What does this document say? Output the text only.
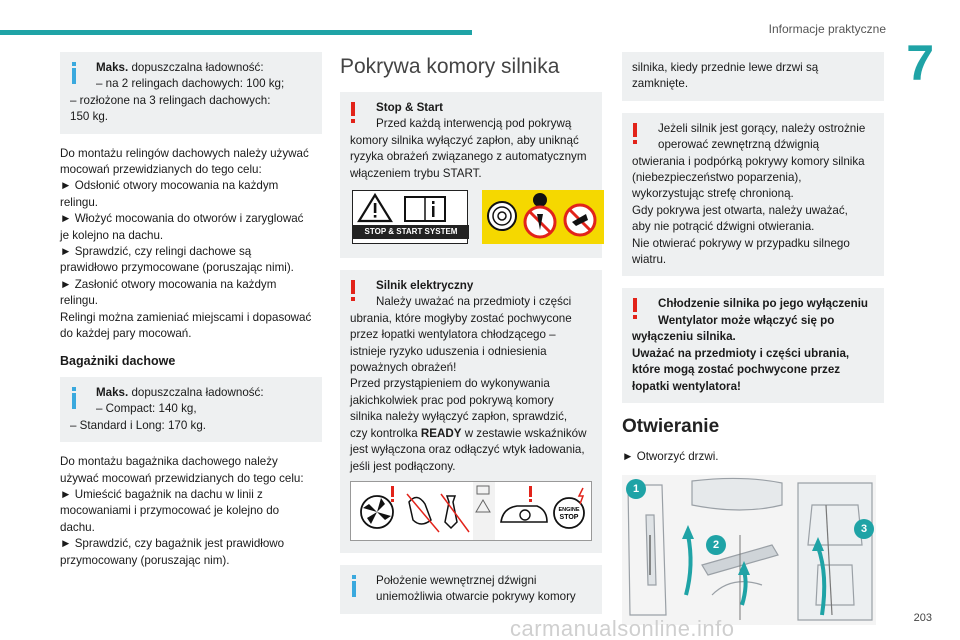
Informacje praktyczne
7
203

Maks. dopuszczalna ładowność:

– na 2 relingach dachowych: 100 kg;

– rozłożone na 3 relingach dachowych:

150 kg.

Do montażu relingów dachowych należy używać

mocowań przewidzianych do tego celu:

► Odsłonić otwory mocowania na każdym

relingu.

► Włożyć mocowania do otworów i zaryglować

je kolejno na dachu.

► Sprawdzić, czy relingi dachowe są

prawidłowo przymocowane (poruszając nimi).

► Zasłonić otwory mocowania na każdym

relingu.

Relingi można zamieniać miejscami i dopasować

do każdej pary mocowań.

Bagażniki dachowe

Maks. dopuszczalna ładowność:

– Compact: 140 kg,

– Standard i Long: 170 kg.

Do montażu bagażnika dachowego należy

używać mocowań przewidzianych do tego celu:

► Umieścić bagażnik na dachu w linii z

mocowaniami i przymocować je kolejno do

dachu.

► Sprawdzić, czy bagażnik jest prawidłowo

przymocowany (poruszając nim).

Pokrywa komory silnika

Stop & Start

Przed każdą interwencją pod pokrywą

komory silnika wyłączyć zapłon, aby uniknąć

ryzyka obrażeń związanego z automatycznym

włączeniem trybu START.

STOP & START SYSTEM

Silnik elektryczny

Należy uważać na przedmioty i części

ubrania, które mogłyby zostać pochwycone

przez łopatki wentylatora chłodzącego –

istnieje ryzyko uduszenia i odniesienia

poważnych obrażeń!

Przed przystąpieniem do wykonywania

jakichkolwiek prac pod pokrywą komory

silnika należy wyłączyć zapłon, sprawdzić,

czy kontrolka READY w zestawie wskaźników

jest wyłączona oraz odłączyć wtyk ładowania,

jeśli jest podłączony.

ENGINE
STOP

Położenie wewnętrznej dźwigni

uniemożliwia otwarcie pokrywy komory

silnika, kiedy przednie lewe drzwi są

zamknięte.

Jeżeli silnik jest gorący, należy ostrożnie

operować zewnętrzną dźwignią

otwierania i podpórką pokrywy komory silnika

(niebezpieczeństwo poparzenia),

wykorzystując strefę chronioną.

Gdy pokrywa jest otwarta, należy uważać,

aby nie potrącić dźwigni otwierania.

Nie otwierać pokrywy w przypadku silnego

wiatru.

Chłodzenie silnika po jego wyłączeniu

Wentylator może włączyć się po

wyłączeniu silnika.

Uważać na przedmioty i części ubrania,

które mogą zostać pochwycone przez

łopatki wentylatora!

Otwieranie

► Otworzyć drzwi.

1
2
3
carmanualsonline.info
